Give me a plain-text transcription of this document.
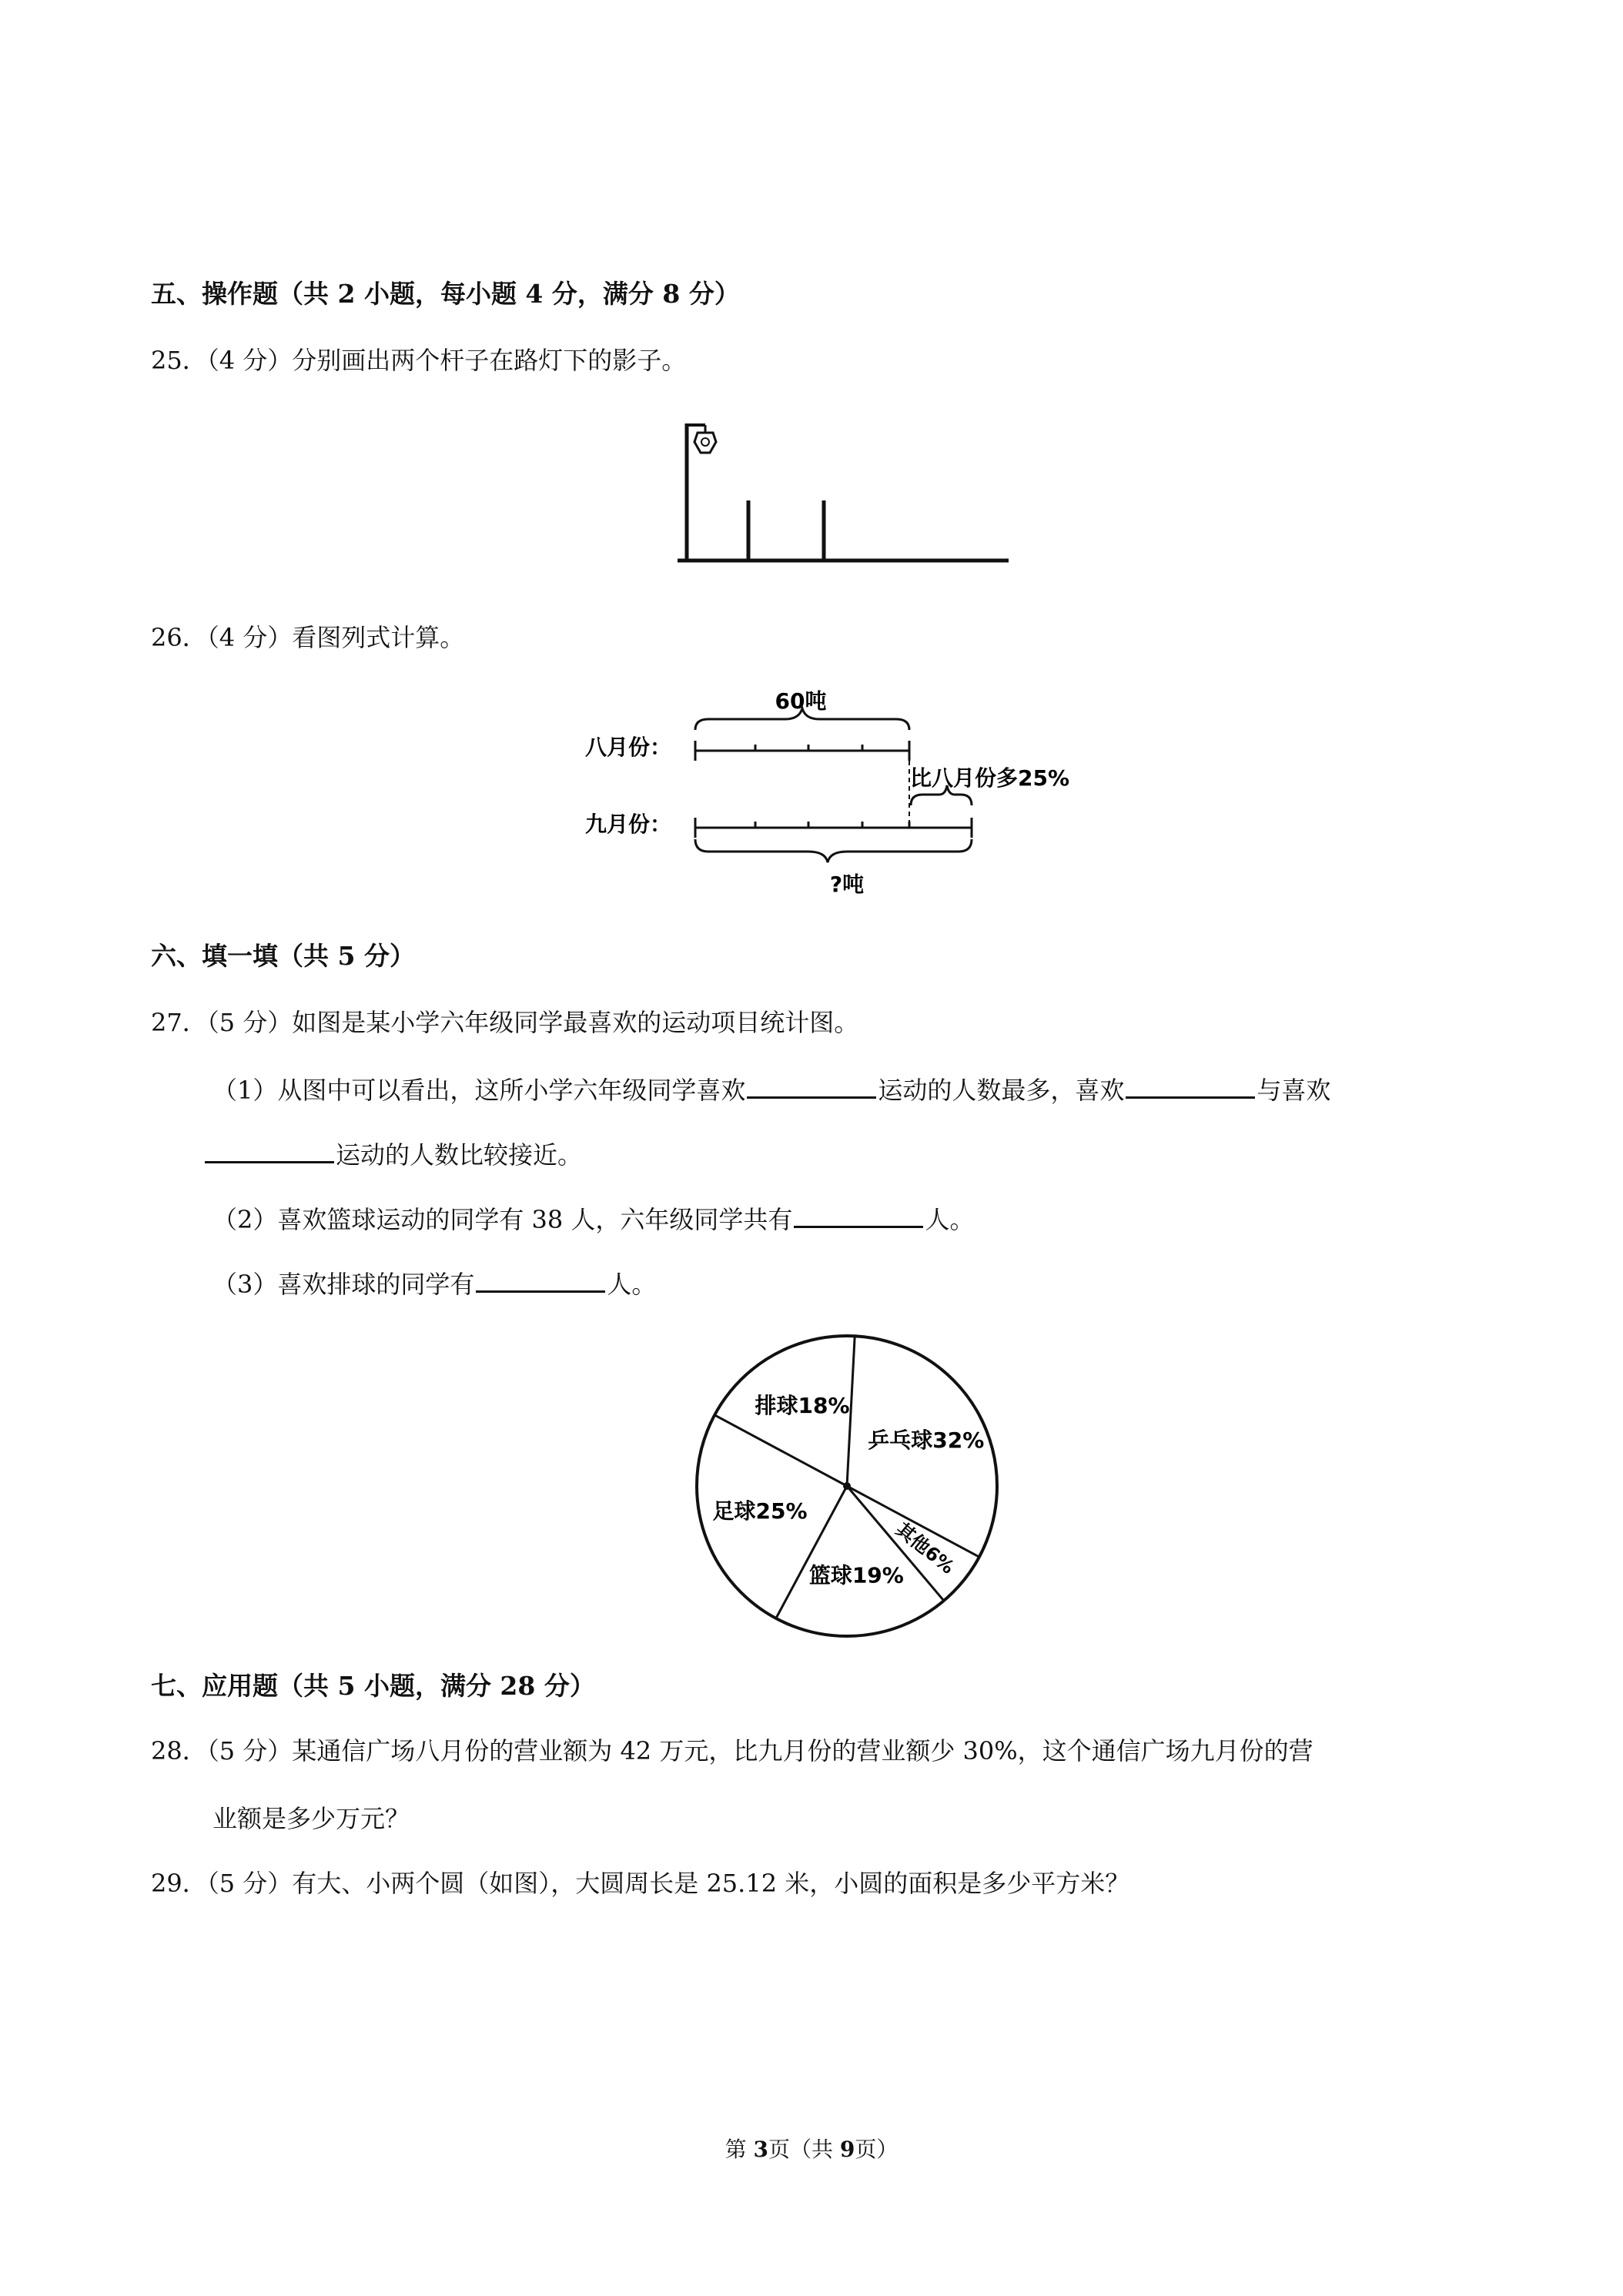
五、操作题（共 2 小题，每小题 4 分，满分 8 分）
25．（4 分）分别画出两个杆子在路灯下的影子。
26．（4 分）看图列式计算。
60吨
八月份：
比八月份多25%
九月份：
?吨
六、填一填（共 5 分）
27．（5 分）如图是某小学六年级同学最喜欢的运动项目统计图。
（1）从图中可以看出，这所小学六年级同学喜欢	运动的人数最多，喜欢	与喜欢
运动的人数比较接近。
（2）喜欢篮球运动的同学有 38 人，六年级同学共有	人。
（3）喜欢排球的同学有	人。
乒乓球32%
其他6%
篮球19%
足球25%
排球18%
七、应用题（共 5 小题，满分 28 分）
28．（5 分）某通信广场八月份的营业额为 42 万元，比九月份的营业额少 30%，这个通信广场九月份的营
业额是多少万元？
29．（5 分）有大、小两个圆（如图），大圆周长是 25.12 米，小圆的面积是多少平方米？
第 3页（共 9页）
